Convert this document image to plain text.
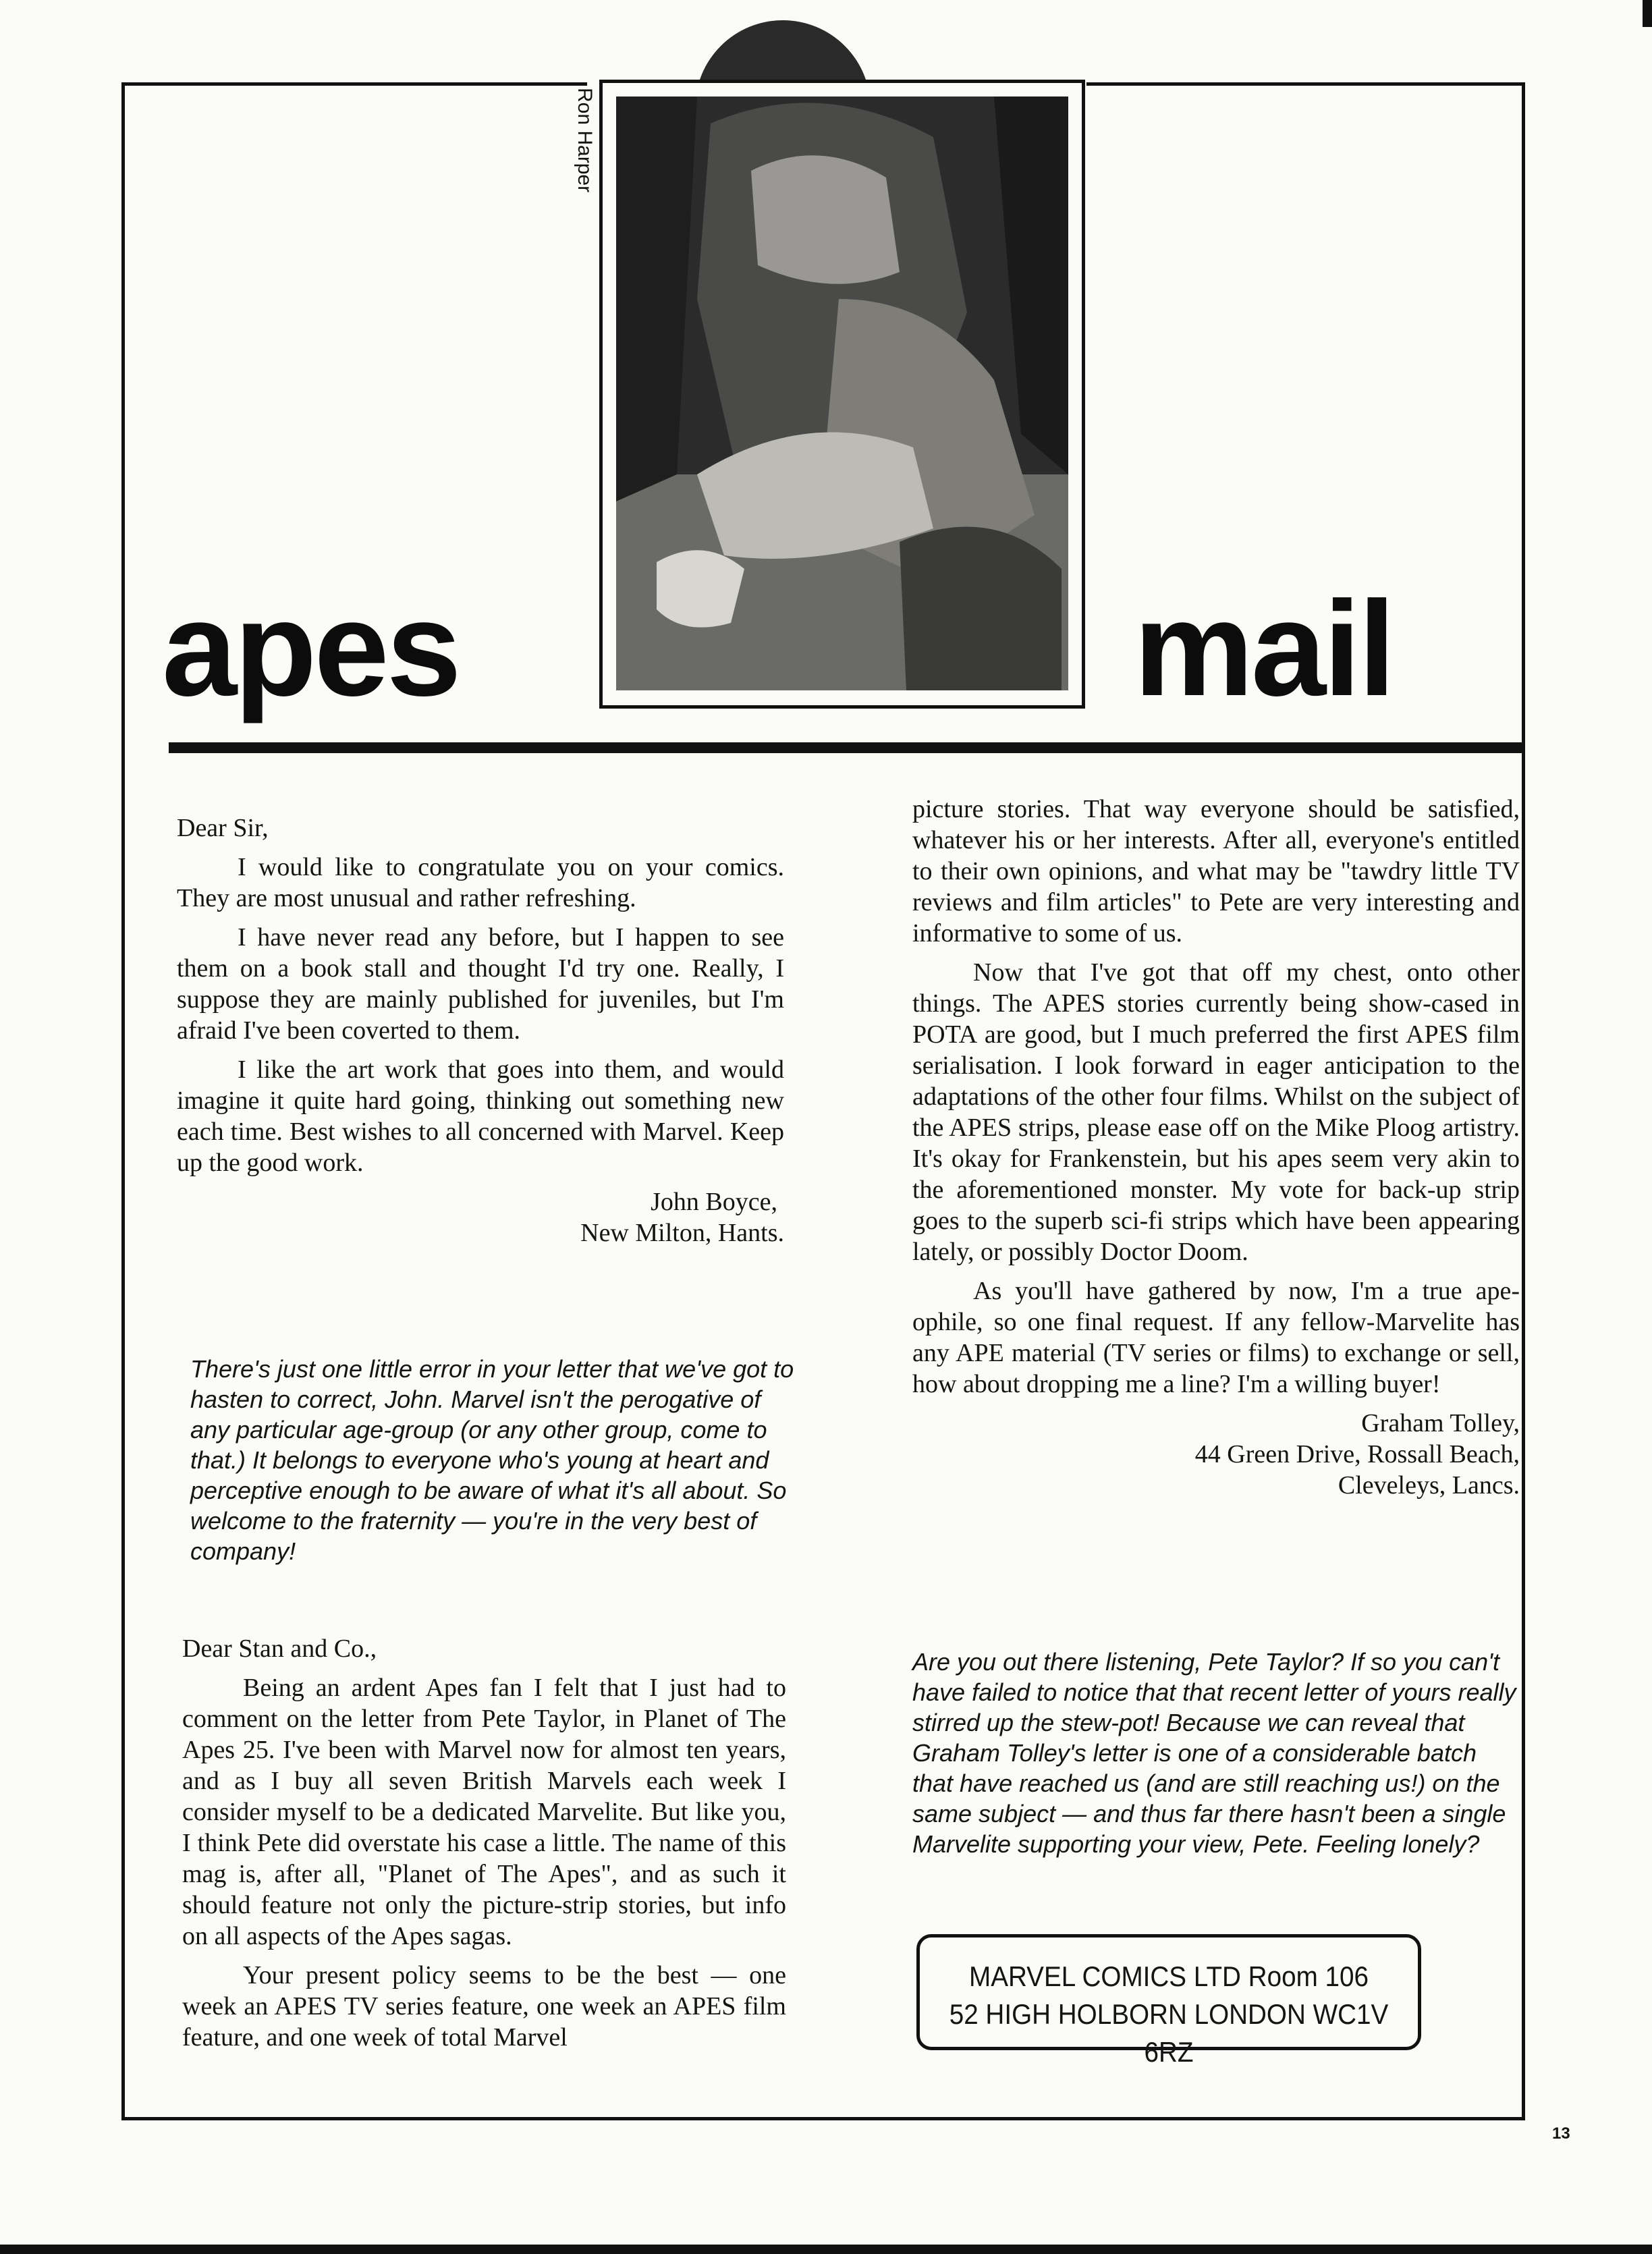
Ron Harper
apes	mail

Dear Sir,

I would like to congratulate you on your comics. They are most unusual and rather refreshing.

I have never read any before, but I happen to see them on a book stall and thought I'd try one. Really, I suppose they are mainly published for juveniles, but I'm afraid I've been coverted to them.

I like the art work that goes into them, and would imagine it quite hard going, thinking out something new each time. Best wishes to all concerned with Marvel. Keep up the good work.

John Boyce,

New Milton, Hants.

There's just one little error in your letter that we've got to hasten to correct, John. Marvel isn't the perogative of any particular age-group (or any other group, come to that.) It belongs to everyone who's young at heart and perceptive enough to be aware of what it's all about. So welcome to the fraternity — you're in the very best of company!

Dear Stan and Co.,

Being an ardent Apes fan I felt that I just had to comment on the letter from Pete Taylor, in Planet of The Apes 25. I've been with Marvel now for almost ten years, and as I buy all seven British Marvels each week I consider myself to be a dedicated Marvelite. But like you, I think Pete did overstate his case a little. The name of this mag is, after all, "Planet of The Apes", and as such it should feature not only the picture-strip stories, but info on all aspects of the Apes sagas.

Your present policy seems to be the best — one week an APES TV series feature, one week an APES film feature, and one week of total Marvel

picture stories. That way everyone should be satisfied, whatever his or her interests. After all, everyone's entitled to their own opinions, and what may be "tawdry little TV reviews and film articles" to Pete are very interesting and informative to some of us.

Now that I've got that off my chest, onto other things. The APES stories currently being show-cased in POTA are good, but I much preferred the first APES film serialisation. I look forward in eager anticipation to the adaptations of the other four films. Whilst on the subject of the APES strips, please ease off on the Mike Ploog artistry. It's okay for Frankenstein, but his apes seem very akin to the aforementioned monster. My vote for back-up strip goes to the superb sci-fi strips which have been appearing lately, or possibly Doctor Doom.

As you'll have gathered by now, I'm a true ape-ophile, so one final request. If any fellow-Marvelite has any APE material (TV series or films) to exchange or sell, how about dropping me a line? I'm a willing buyer!

Graham Tolley,

44 Green Drive, Rossall Beach,

Cleveleys, Lancs.

Are you out there listening, Pete Taylor? If so you can't have failed to notice that that recent letter of yours really stirred up the stew-pot! Because we can reveal that Graham Tolley's letter is one of a considerable batch that have reached us (and are still reaching us!) on the same subject — and thus far there hasn't been a single Marvelite supporting your view, Pete. Feeling lonely?
MARVEL COMICS LTD Room 106
52 HIGH HOLBORN LONDON WC1V 6RZ
13
